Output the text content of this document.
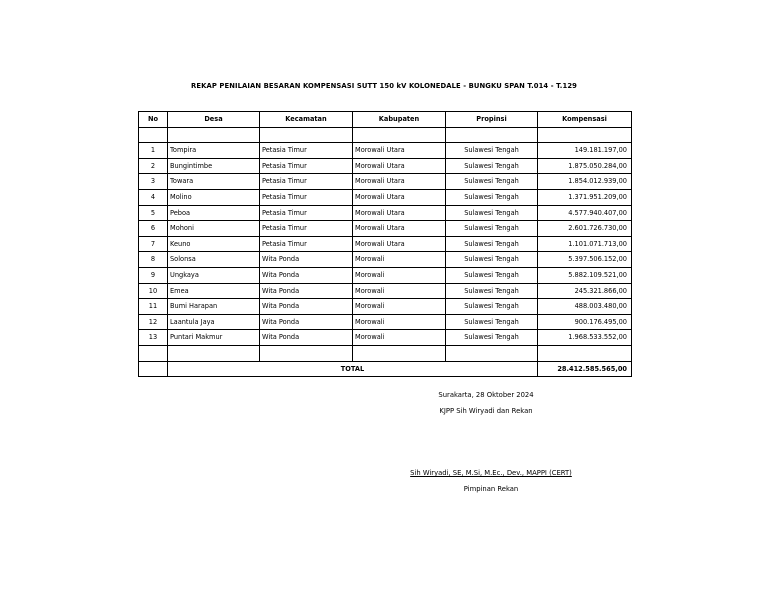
REKAP PENILAIAN BESARAN KOMPENSASI SUTT 150 kV KOLONEDALE - BUNGKU SPAN T.014 - T.129
No	Desa	Kecamatan	Kabupaten	Propinsi	Kompensasi

1	Tompira	Petasia Timur	Morowali Utara	Sulawesi Tengah	149.181.197,00
2	Bungintimbe	Petasia Timur	Morowali Utara	Sulawesi Tengah	1.875.050.284,00
3	Towara	Petasia Timur	Morowali Utara	Sulawesi Tengah	1.854.012.939,00
4	Molino	Petasia Timur	Morowali Utara	Sulawesi Tengah	1.371.951.209,00
5	Peboa	Petasia Timur	Morowali Utara	Sulawesi Tengah	4.577.940.407,00
6	Mohoni	Petasia Timur	Morowali Utara	Sulawesi Tengah	2.601.726.730,00
7	Keuno	Petasia Timur	Morowali Utara	Sulawesi Tengah	1.101.071.713,00
8	Solonsa	Wita Ponda	Morowali	Sulawesi Tengah	5.397.506.152,00
9	Ungkaya	Wita Ponda	Morowali	Sulawesi Tengah	5.882.109.521,00
10	Emea	Wita Ponda	Morowali	Sulawesi Tengah	245.321.866,00
11	Bumi Harapan	Wita Ponda	Morowali	Sulawesi Tengah	488.003.480,00
12	Laantula Jaya	Wita Ponda	Morowali	Sulawesi Tengah	900.176.495,00
13	Puntari Makmur	Wita Ponda	Morowali	Sulawesi Tengah	1.968.533.552,00

	TOTAL				28.412.585.565,00
Surakarta, 28 Oktober 2024
KJPP Sih Wiryadi dan Rekan
Sih Wiryadi, SE, M.Si, M.Ec., Dev., MAPPI (CERT)
Pimpinan Rekan
